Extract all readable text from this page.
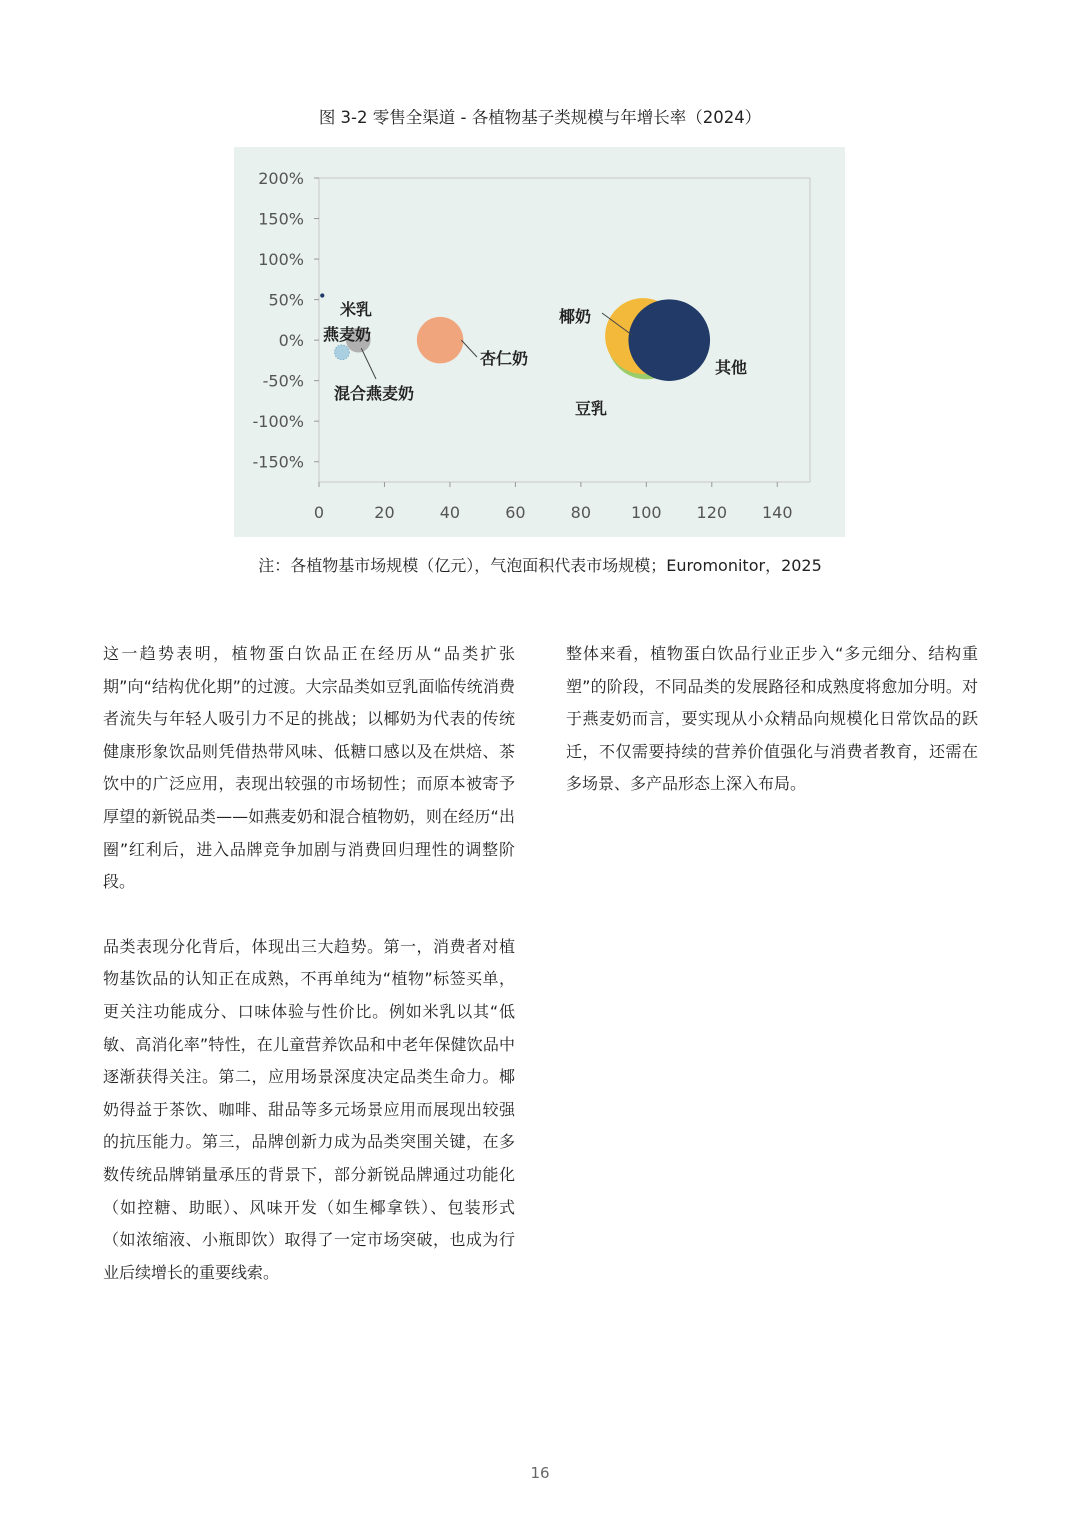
图 3-2 零售全渠道 - 各植物基子类规模与年增长率（2024）
200%
150%
100%
50%
0%
-50%
-100%
-150%
0	20	40	60	80	100 120 140
米乳
燕麦奶
混合燕麦奶
杏仁奶
椰奶
其他
豆乳
注：各植物基市场规模（亿元），气泡面积代表市场规模；Euromonitor，2025

这一趋势表明，植物蛋白饮品正在经历从“品类扩张期”向“结构优化期”的过渡。大宗品类如豆乳面临传统消费者流失与年轻人吸引力不足的挑战；以椰奶为代表的传统健康形象饮品则凭借热带风味、低糖口感以及在烘焙、茶饮中的广泛应用，表现出较强的市场韧性；而原本被寄予厚望的新锐品类——如燕麦奶和混合植物奶，则在经历“出圈”红利后，进入品牌竞争加剧与消费回归理性的调整阶段。

品类表现分化背后，体现出三大趋势。第一，消费者对植物基饮品的认知正在成熟，不再单纯为“植物”标签买单，更关注功能成分、口味体验与性价比。例如米乳以其“低敏、高消化率”特性，在儿童营养饮品和中老年保健饮品中逐渐获得关注。第二，应用场景深度决定品类生命力。椰奶得益于茶饮、咖啡、甜品等多元场景应用而展现出较强的抗压能力。第三，品牌创新力成为品类突围关键，在多数传统品牌销量承压的背景下，部分新锐品牌通过功能化（如控糖、助眠）、风味开发（如生椰拿铁）、包装形式（如浓缩液、小瓶即饮）取得了一定市场突破，也成为行业后续增长的重要线索。

整体来看，植物蛋白饮品行业正步入“多元细分、结构重塑”的阶段，不同品类的发展路径和成熟度将愈加分明。对于燕麦奶而言，要实现从小众精品向规模化日常饮品的跃迁，不仅需要持续的营养价值强化与消费者教育，还需在多场景、多产品形态上深入布局。

16
